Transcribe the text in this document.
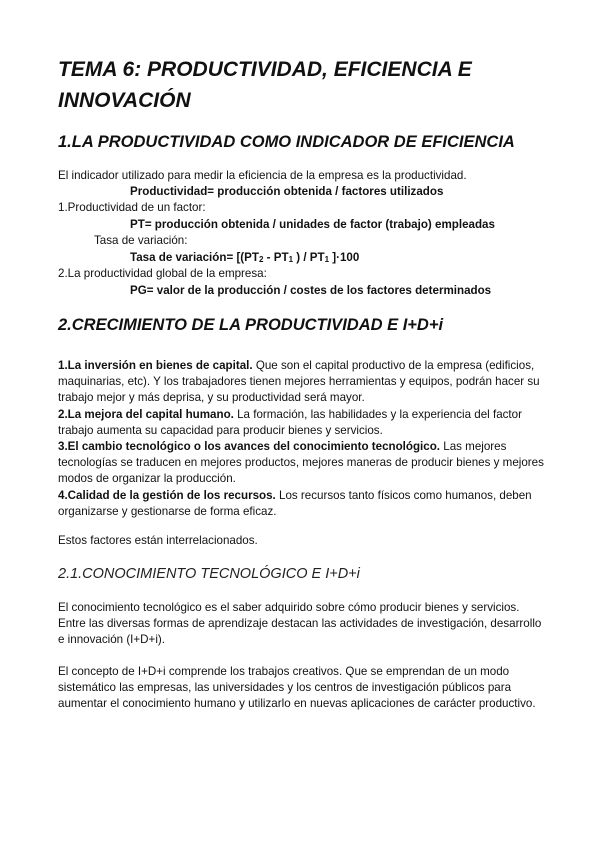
TEMA 6: PRODUCTIVIDAD, EFICIENCIA E INNOVACIÓN
1.LA PRODUCTIVIDAD COMO INDICADOR DE EFICIENCIA
El indicador utilizado para medir la eficiencia de la empresa es la productividad.
Productividad= producción obtenida / factores utilizados
1.Productividad de un factor:
PT= producción obtenida / unidades de factor (trabajo) empleadas
Tasa de variación:
Tasa de variación= [($PT_2 - PT_1$ ) / $PT_1$ ]·100
2.La productividad global de la empresa:
PG= valor de la producción / costes de los factores determinados
2.CRECIMIENTO DE LA PRODUCTIVIDAD E I+D+i

1.La inversión en bienes de capital. Que son el capital productivo de la empresa (edificios, maquinarias, etc). Y los trabajadores tienen mejores herramientas y equipos, podrán hacer su trabajo mejor y más deprisa, y su productividad será mayor.

2.La mejora del capital humano. La formación, las habilidades y la experiencia del factor trabajo aumenta su capacidad para producir bienes y servicios.

3.El cambio tecnológico o los avances del conocimiento tecnológico. Las mejores tecnologías se traducen en mejores productos, mejores maneras de producir bienes y mejores modos de organizar la producción.

4.Calidad de la gestión de los recursos. Los recursos tanto físicos como humanos, deben organizarse y gestionarse de forma eficaz.

Estos factores están interrelacionados.
2.1.CONOCIMIENTO TECNOLÓGICO E I+D+i
El conocimiento tecnológico es el saber adquirido sobre cómo producir bienes y servicios. Entre las diversas formas de aprendizaje destacan las actividades de investigación, desarrollo e innovación (I+D+i).
El concepto de I+D+i comprende los trabajos creativos. Que se emprendan de un modo sistemático las empresas, las universidades y los centros de investigación públicos para aumentar el conocimiento humano y utilizarlo en nuevas aplicaciones de carácter productivo.
